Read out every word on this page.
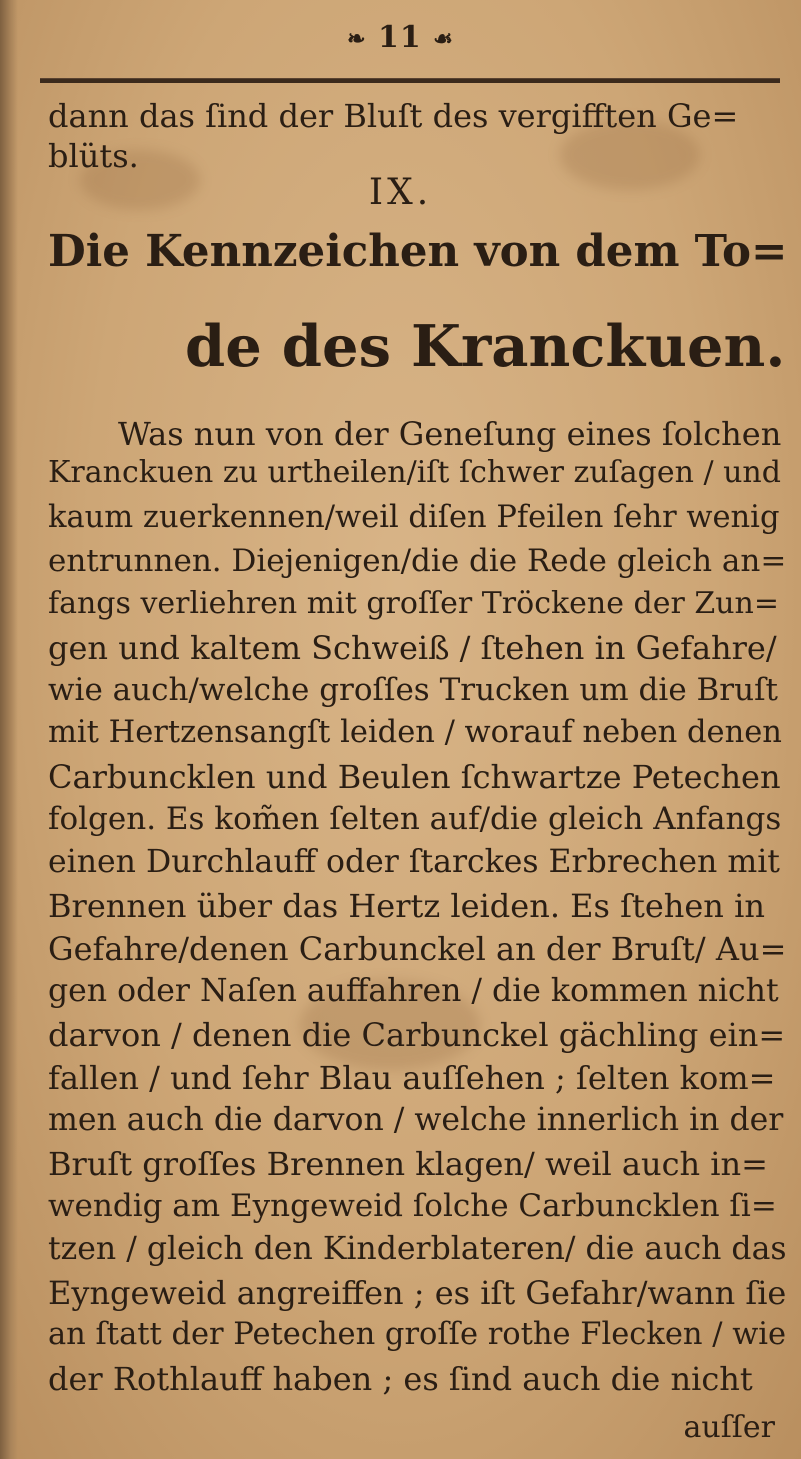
❧ 11 ☙
dann das ſind der Bluſt des vergifften Ge=
blüts.
IX.
Die Kennzeichen von dem To=
de des Kranckuen.
Was nun von der Geneſung eines ſolchen
Kranckuen zu urtheilen/iſt ſchwer zuſagen / und
kaum zuerkennen/weil diſen Pfeilen ſehr wenig
entrunnen. Diejenigen/die die Rede gleich an=
fangs verliehren mit groſſer Tröckene der Zun=
gen und kaltem Schweiß / ſtehen in Gefahre/
wie auch/welche groſſes Trucken um die Bruſt
mit Hertzensangſt leiden / worauf neben denen
Carbuncklen und Beulen ſchwartze Petechen
folgen. Es kom̃en ſelten auf/die gleich Anfangs
einen Durchlauff oder ſtarckes Erbrechen mit
Brennen über das Hertz leiden. Es ſtehen in
Gefahre/denen Carbunckel an der Bruſt/ Au=
gen oder Naſen auffahren / die kommen nicht
darvon / denen die Carbunckel gächling ein=
fallen / und ſehr Blau auſſehen ; ſelten kom=
men auch die darvon / welche innerlich in der
Bruſt groſſes Brennen klagen/ weil auch in=
wendig am Eyngeweid ſolche Carbuncklen ſi=
tzen / gleich den Kinderblateren/ die auch das
Eyngeweid angreiffen ; es iſt Gefahr/wann ſie
an ſtatt der Petechen groſſe rothe Flecken / wie
der Rothlauff haben ; es ſind auch die nicht
auſſer
